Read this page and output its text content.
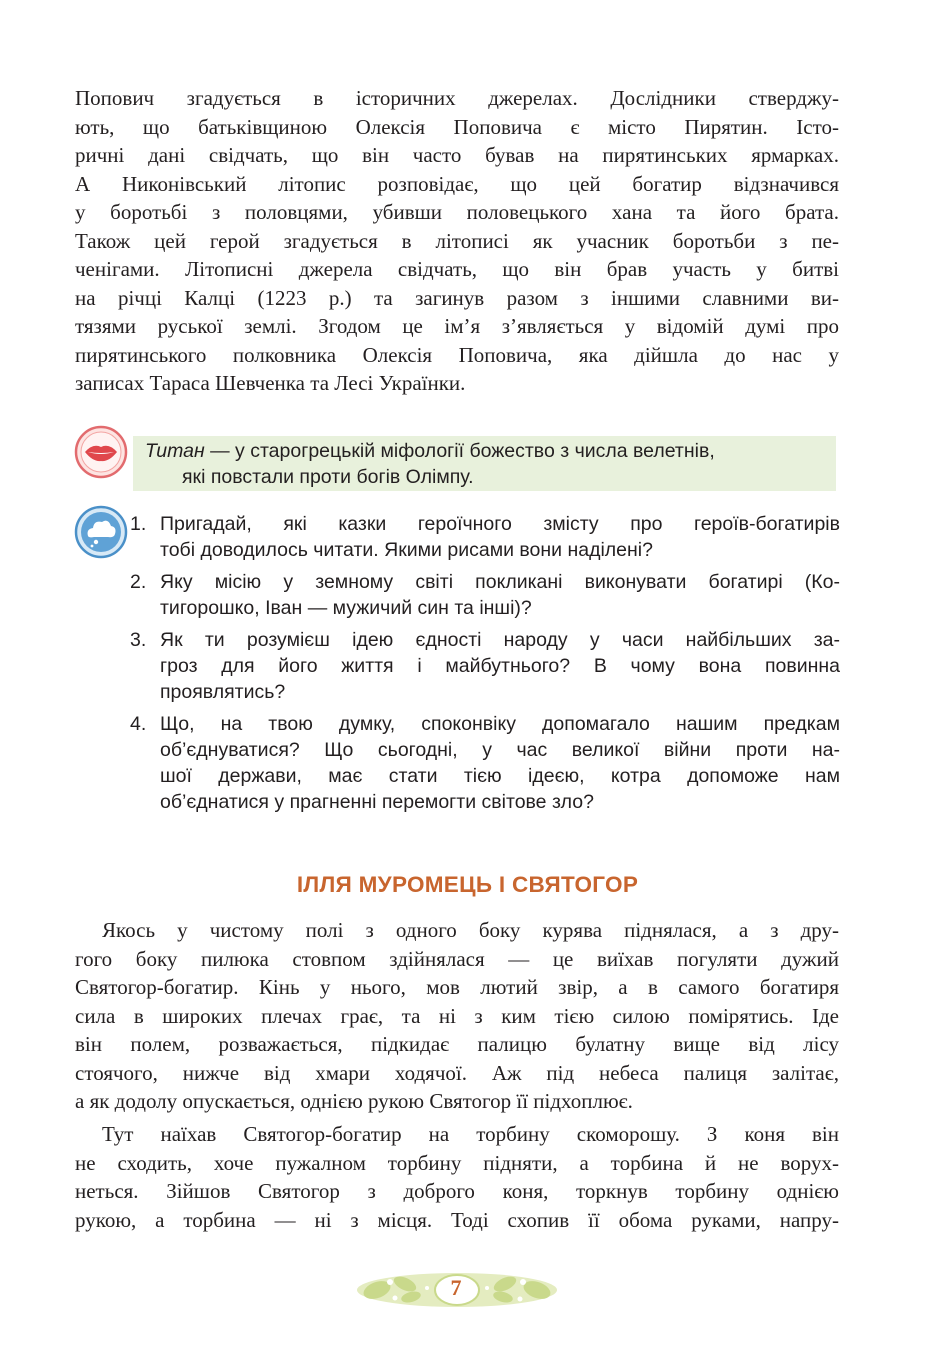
Попович згадується в історичних джерелах. Дослідники стверджу-
ють, що батьківщиною Олексія Поповича є місто Пирятин. Істо-
ричні дані свідчать, що він часто бував на пирятинських ярмарках.
А Никонівський літопис розповідає, що цей богатир відзначився
у боротьбі з половцями, убивши половецького хана та його брата.
Також цей герой згадується в літописі як учасник боротьби з пе-
ченігами. Літописні джерела свідчать, що він брав участь у битві
на річці Калці (1223 р.) та загинув разом з іншими славними ви-
тязями руської землі. Згодом це ім’я з’являється у відомій думі про
пирятинського полковника Олексія Поповича, яка дійшла до нас у
записах Тараса Шевченка та Лесі Українки.

Титан — у старогрецькій міфології божество з числа велетнів,
які повстали проти богів Олімпу.

1. Пригадай, які казки героїчного змісту про героїв-богатирів
тобі доводилось читати. Якими рисами вони наділені?
2. Яку місію у земному світі покликані виконувати богатирі (Ко-
тигорошко, Іван — мужичий син та інші)?
3. Як ти розумієш ідею єдності народу у часи найбільших за-
гроз для його життя і майбутнього? В чому вона повинна
проявлятись?
4. Що, на твою думку, споконвіку допомагало нашим предкам
об’єднуватися? Що сьогодні, у час великої війни проти на-
шої держави, має стати тією ідеєю, котра допоможе нам
об’єднатися у прагненні перемогти світове зло?
ІЛЛЯ МУРОМЕЦЬ І СВЯТОГОР
Якось у чистому полі з одного боку курява піднялася, а з дру-
гого боку пилюка стовпом здійнялася — це виїхав погуляти дужий
Святогор-богатир. Кінь у нього, мов лютий звір, а в самого богатиря
сила в широких плечах грає, та ні з ким тією силою помірятись. Іде
він полем, розважається, підкидає палицю булатну вище від лісу
стоячого, нижче від хмари ходячої. Аж під небеса палиця залітає,
а як додолу опускається, однією рукою Святогор її підхоплює.
Тут наїхав Святогор-богатир на торбину скоморошу. З коня він
не сходить, хоче пужалном торбину підняти, а торбина й не ворух-
неться. Зійшов Святогор з доброго коня, торкнув торбину однією
рукою, а торбина — ні з місця. Тоді схопив її обома руками, напру-
7
